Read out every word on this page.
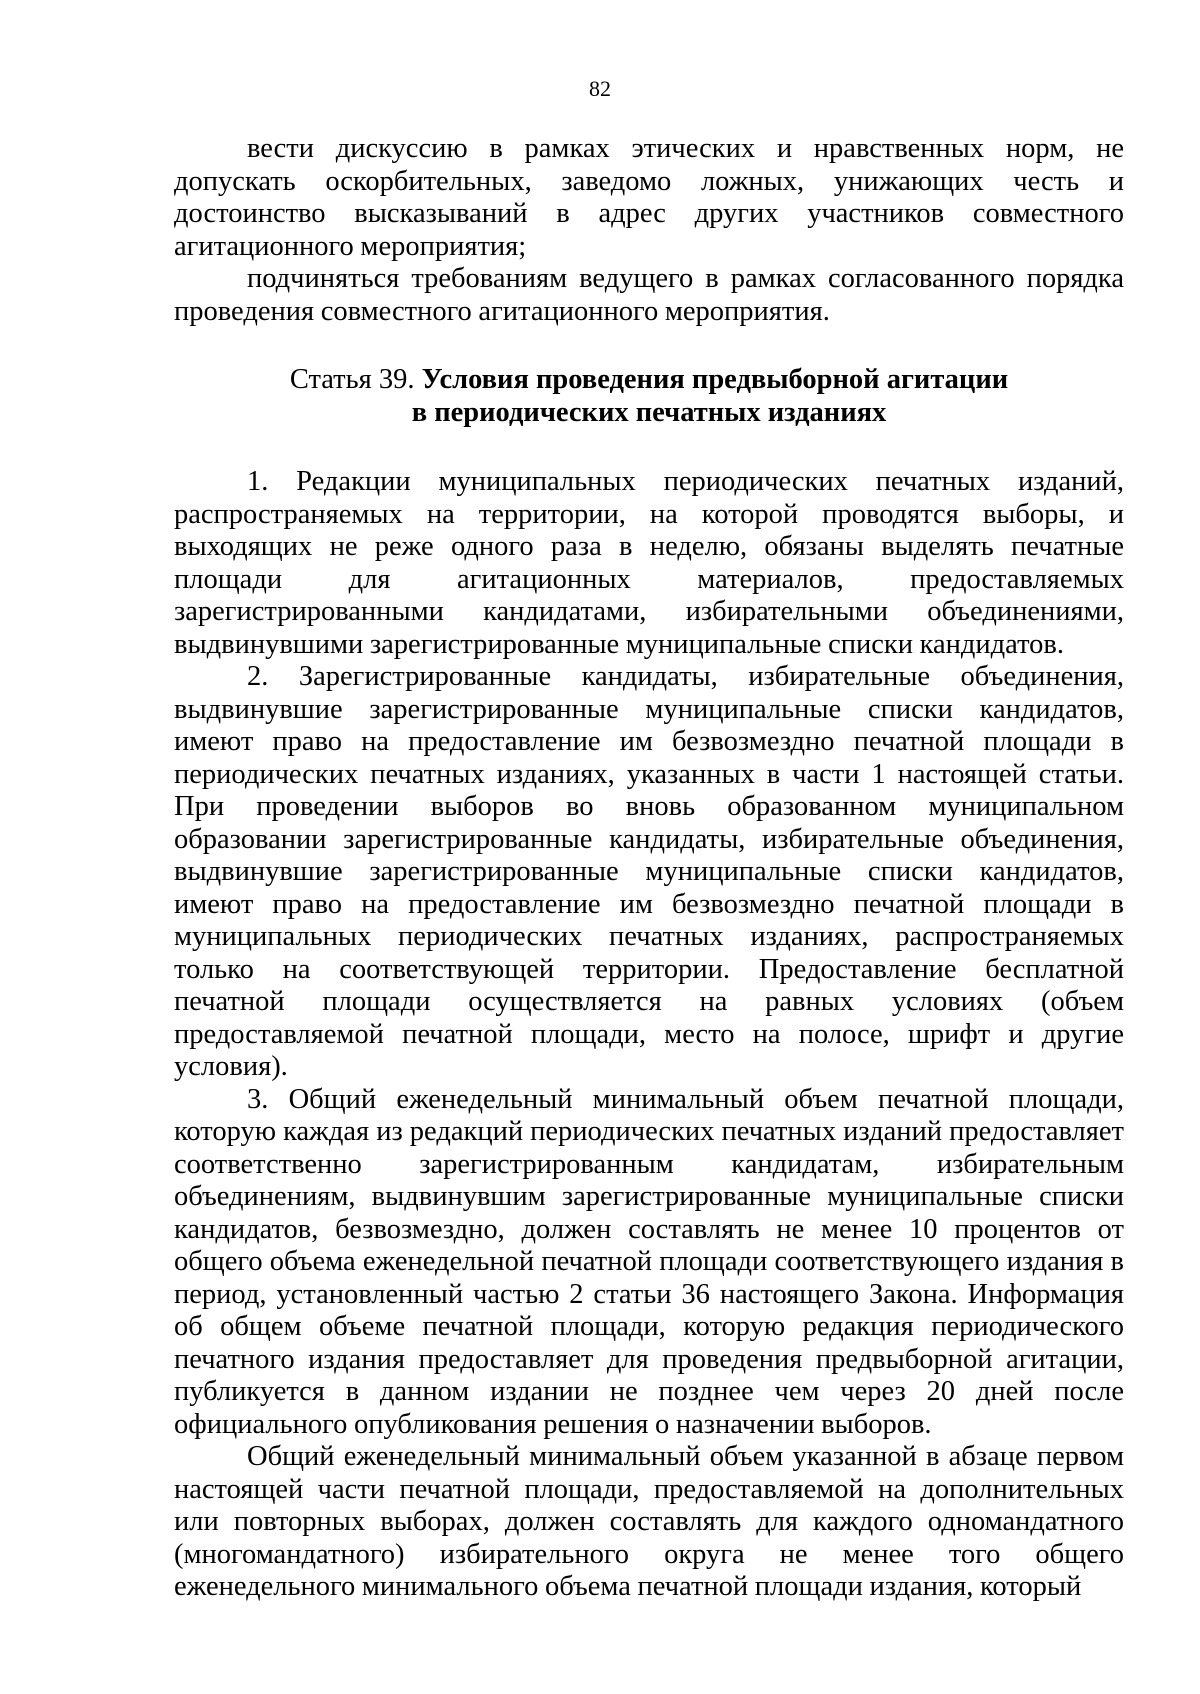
82

вести дискуссию в рамках этических и нравственных норм, не допускать оскорбительных, заведомо ложных, унижающих честь и достоинство высказываний в адрес других участников совместного агитационного мероприятия;

подчиняться требованиям ведущего в рамках согласованного порядка проведения совместного агитационного мероприятия.

Статья 39. Условия проведения предвыборной агитации
в периодических печатных изданиях

1. Редакции муниципальных периодических печатных изданий, распространяемых на территории, на которой проводятся выборы, и выходящих не реже одного раза в неделю, обязаны выделять печатные площади для агитационных материалов, предоставляемых зарегистрированными кандидатами, избирательными объединениями, выдвинувшими зарегистрированные муниципальные списки кандидатов.

2. Зарегистрированные кандидаты, избирательные объединения, выдвинувшие зарегистрированные муниципальные списки кандидатов, имеют право на предоставление им безвозмездно печатной площади в периодических печатных изданиях, указанных в части 1 настоящей статьи. При проведении выборов во вновь образованном муниципальном образовании зарегистрированные кандидаты, избирательные объединения, выдвинувшие зарегистрированные муниципальные списки кандидатов, имеют право на предоставление им безвозмездно печатной площади в муниципальных периодических печатных изданиях, распространяемых только на соответствующей территории. Предоставление бесплатной печатной площади осуществляется на равных условиях (объем предоставляемой печатной площади, место на полосе, шрифт и другие условия).

3. Общий еженедельный минимальный объем печатной площади, которую каждая из редакций периодических печатных изданий предоставляет соответственно зарегистрированным кандидатам, избирательным объединениям, выдвинувшим зарегистрированные муниципальные списки кандидатов, безвозмездно, должен составлять не менее 10 процентов от общего объема еженедельной печатной площади соответствующего издания в период, установленный частью 2 статьи 36 настоящего Закона. Информация об общем объеме печатной площади, которую редакция периодического печатного издания предоставляет для проведения предвыборной агитации, публикуется в данном издании не позднее чем через 20 дней после официального опубликования решения о назначении выборов.

Общий еженедельный минимальный объем указанной в абзаце первом настоящей части печатной площади, предоставляемой на дополнительных или повторных выборах, должен составлять для каждого одномандатного (многомандатного) избирательного округа не менее того общего еженедельного минимального объема печатной площади издания, который
